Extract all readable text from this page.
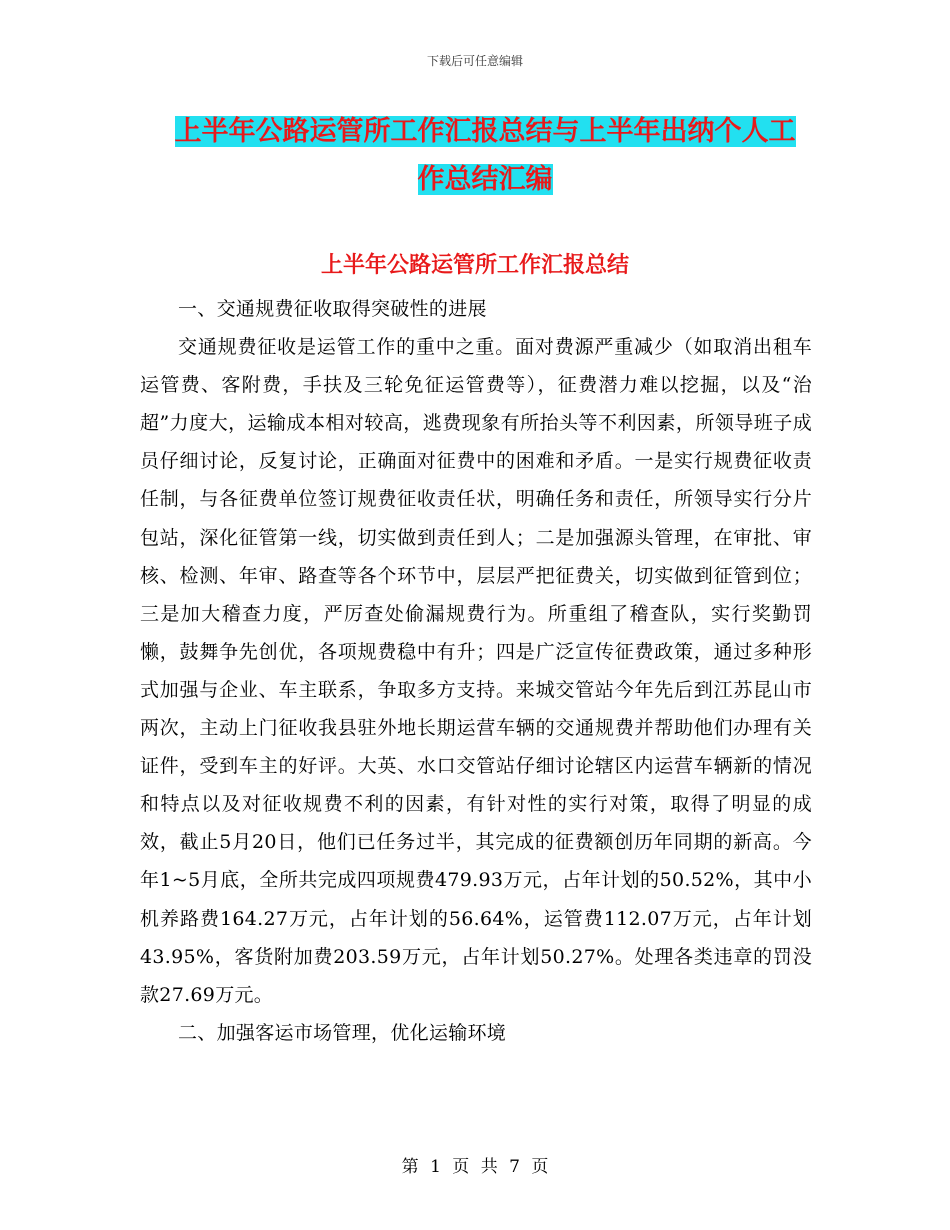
下载后可任意编辑
上半年公路运管所工作汇报总结与上半年出纳个人工
作总结汇编
上半年公路运管所工作汇报总结

一、交通规费征收取得突破性的进展

交通规费征收是运管工作的重中之重。面对费源严重减少（如取消出租车运管费、客附费，手扶及三轮免征运管费等），征费潜力难以挖掘，以及“治超”力度大，运输成本相对较高，逃费现象有所抬头等不利因素，所领导班子成员仔细讨论，反复讨论，正确面对征费中的困难和矛盾。一是实行规费征收责任制，与各征费单位签订规费征收责任状，明确任务和责任，所领导实行分片包站，深化征管第一线，切实做到责任到人；二是加强源头管理，在审批、审核、检测、年审、路查等各个环节中，层层严把征费关，切实做到征管到位；三是加大稽查力度，严厉查处偷漏规费行为。所重组了稽查队，实行奖勤罚懒，鼓舞争先创优，各项规费稳中有升；四是广泛宣传征费政策，通过多种形式加强与企业、车主联系，争取多方支持。来城交管站今年先后到江苏昆山市两次，主动上门征收我县驻外地长期运营车辆的交通规费并帮助他们办理有关证件，受到车主的好评。大英、水口交管站仔细讨论辖区内运营车辆新的情况和特点以及对征收规费不利的因素，有针对性的实行对策，取得了明显的成效，截止5月20日，他们已任务过半，其完成的征费额创历年同期的新高。今年1~5月底，全所共完成四项规费479.93万元，占年计划的50.52%，其中小机养路费164.27万元，占年计划的56.64%，运管费112.07万元，占年计划43.95%，客货附加费203.59万元，占年计划50.27%。处理各类违章的罚没款27.69万元。

二、加强客运市场管理，优化运输环境

第 1 页 共 7 页
